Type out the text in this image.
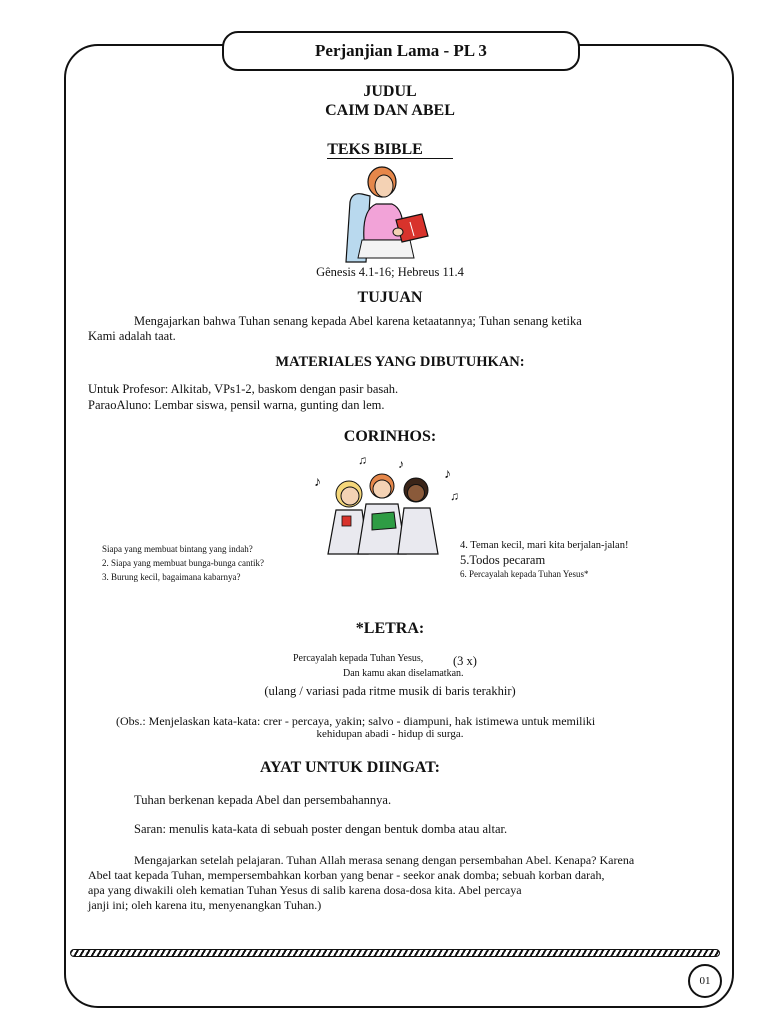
Perjanjian Lama - PL 3
JUDUL
CAIM DAN ABEL
TEKS BIBLE
Gênesis 4.1-16; Hebreus 11.4
TUJUAN
Mengajarkan bahwa Tuhan senang kepada Abel karena ketaatannya; Tuhan senang ketika
Kami adalah taat.
MATERIALES YANG DIBUTUHKAN:
Untuk Profesor: Alkitab, VPs1-2, baskom dengan pasir basah.
ParaoAluno: Lembar siswa, pensil warna, gunting dan lem.
CORINHOS:
♪
♫	♪
♪
♫
Siapa yang membuat bintang yang indah?
2. Siapa yang membuat bunga-bunga cantik?
3. Burung kecil, bagaimana kabarnya?
4. Teman kecil, mari kita berjalan-jalan!
5.Todos pecaram
6. Percayalah kepada Tuhan Yesus*
*LETRA:
Percayalah kepada Tuhan Yesus,	(3 x)
Dan kamu akan diselamatkan.
(ulang / variasi pada ritme musik di baris terakhir)
(Obs.: Menjelaskan kata-kata: crer - percaya, yakin; salvo - diampuni, hak istimewa untuk memiliki
kehidupan abadi - hidup di surga.
AYAT UNTUK DIINGAT:
Tuhan berkenan kepada Abel dan persembahannya.
Saran: menulis kata-kata di sebuah poster dengan bentuk domba atau altar.
Mengajarkan setelah pelajaran. Tuhan Allah merasa senang dengan persembahan Abel. Kenapa? Karena
Abel taat kepada Tuhan, mempersembahkan korban yang benar - seekor anak domba; sebuah korban darah,
apa yang diwakili oleh kematian Tuhan Yesus di salib karena dosa-dosa kita. Abel percaya
janji ini; oleh karena itu, menyenangkan Tuhan.)
01
